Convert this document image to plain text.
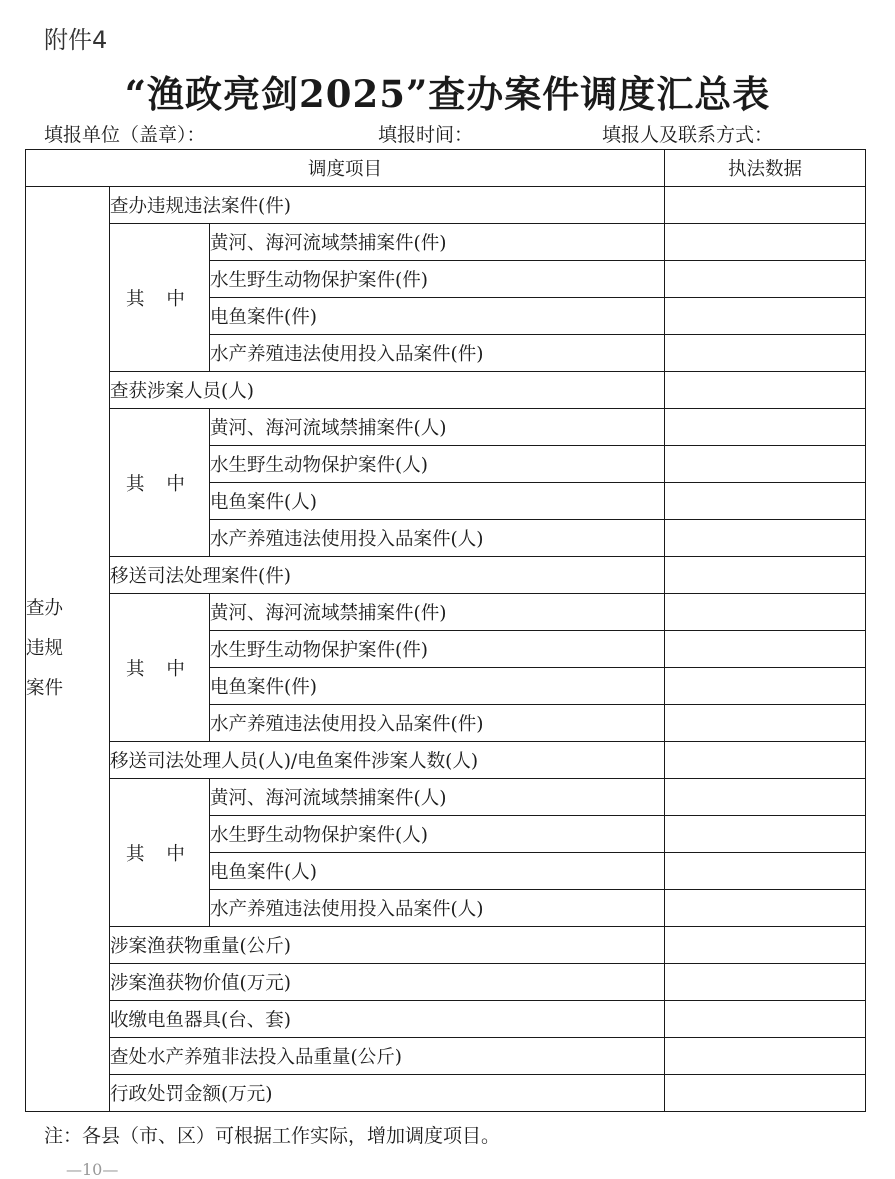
附件4
“渔政亮剑2025”查办案件调度汇总表
填报单位（盖章）：	填报时间：	填报人及联系方式：
调度项目			执法数据

查办
违规
案件	查办违规违法案件(件)		
	其 中	黄河、海河流域禁捕案件(件)	
		水生野生动物保护案件(件)	
		电鱼案件(件)	
		水产养殖违法使用投入品案件(件)	
	查获涉案人员(人)		
	其 中	黄河、海河流域禁捕案件(人)	
		水生野生动物保护案件(人)	
		电鱼案件(人)	
		水产养殖违法使用投入品案件(人)	
	移送司法处理案件(件)		
	其 中	黄河、海河流域禁捕案件(件)	
		水生野生动物保护案件(件)	
		电鱼案件(件)	
		水产养殖违法使用投入品案件(件)	
	移送司法处理人员(人)/电鱼案件涉案人数(人)		
	其 中	黄河、海河流域禁捕案件(人)	
		水生野生动物保护案件(人)	
		电鱼案件(人)	
		水产养殖违法使用投入品案件(人)	
	涉案渔获物重量(公斤)		
	涉案渔获物价值(万元)		
	收缴电鱼器具(台、套)		
	查处水产养殖非法投入品重量(公斤)		
	行政处罚金额(万元)		
注：各县（市、区）可根据工作实际，增加调度项目。
—10—
